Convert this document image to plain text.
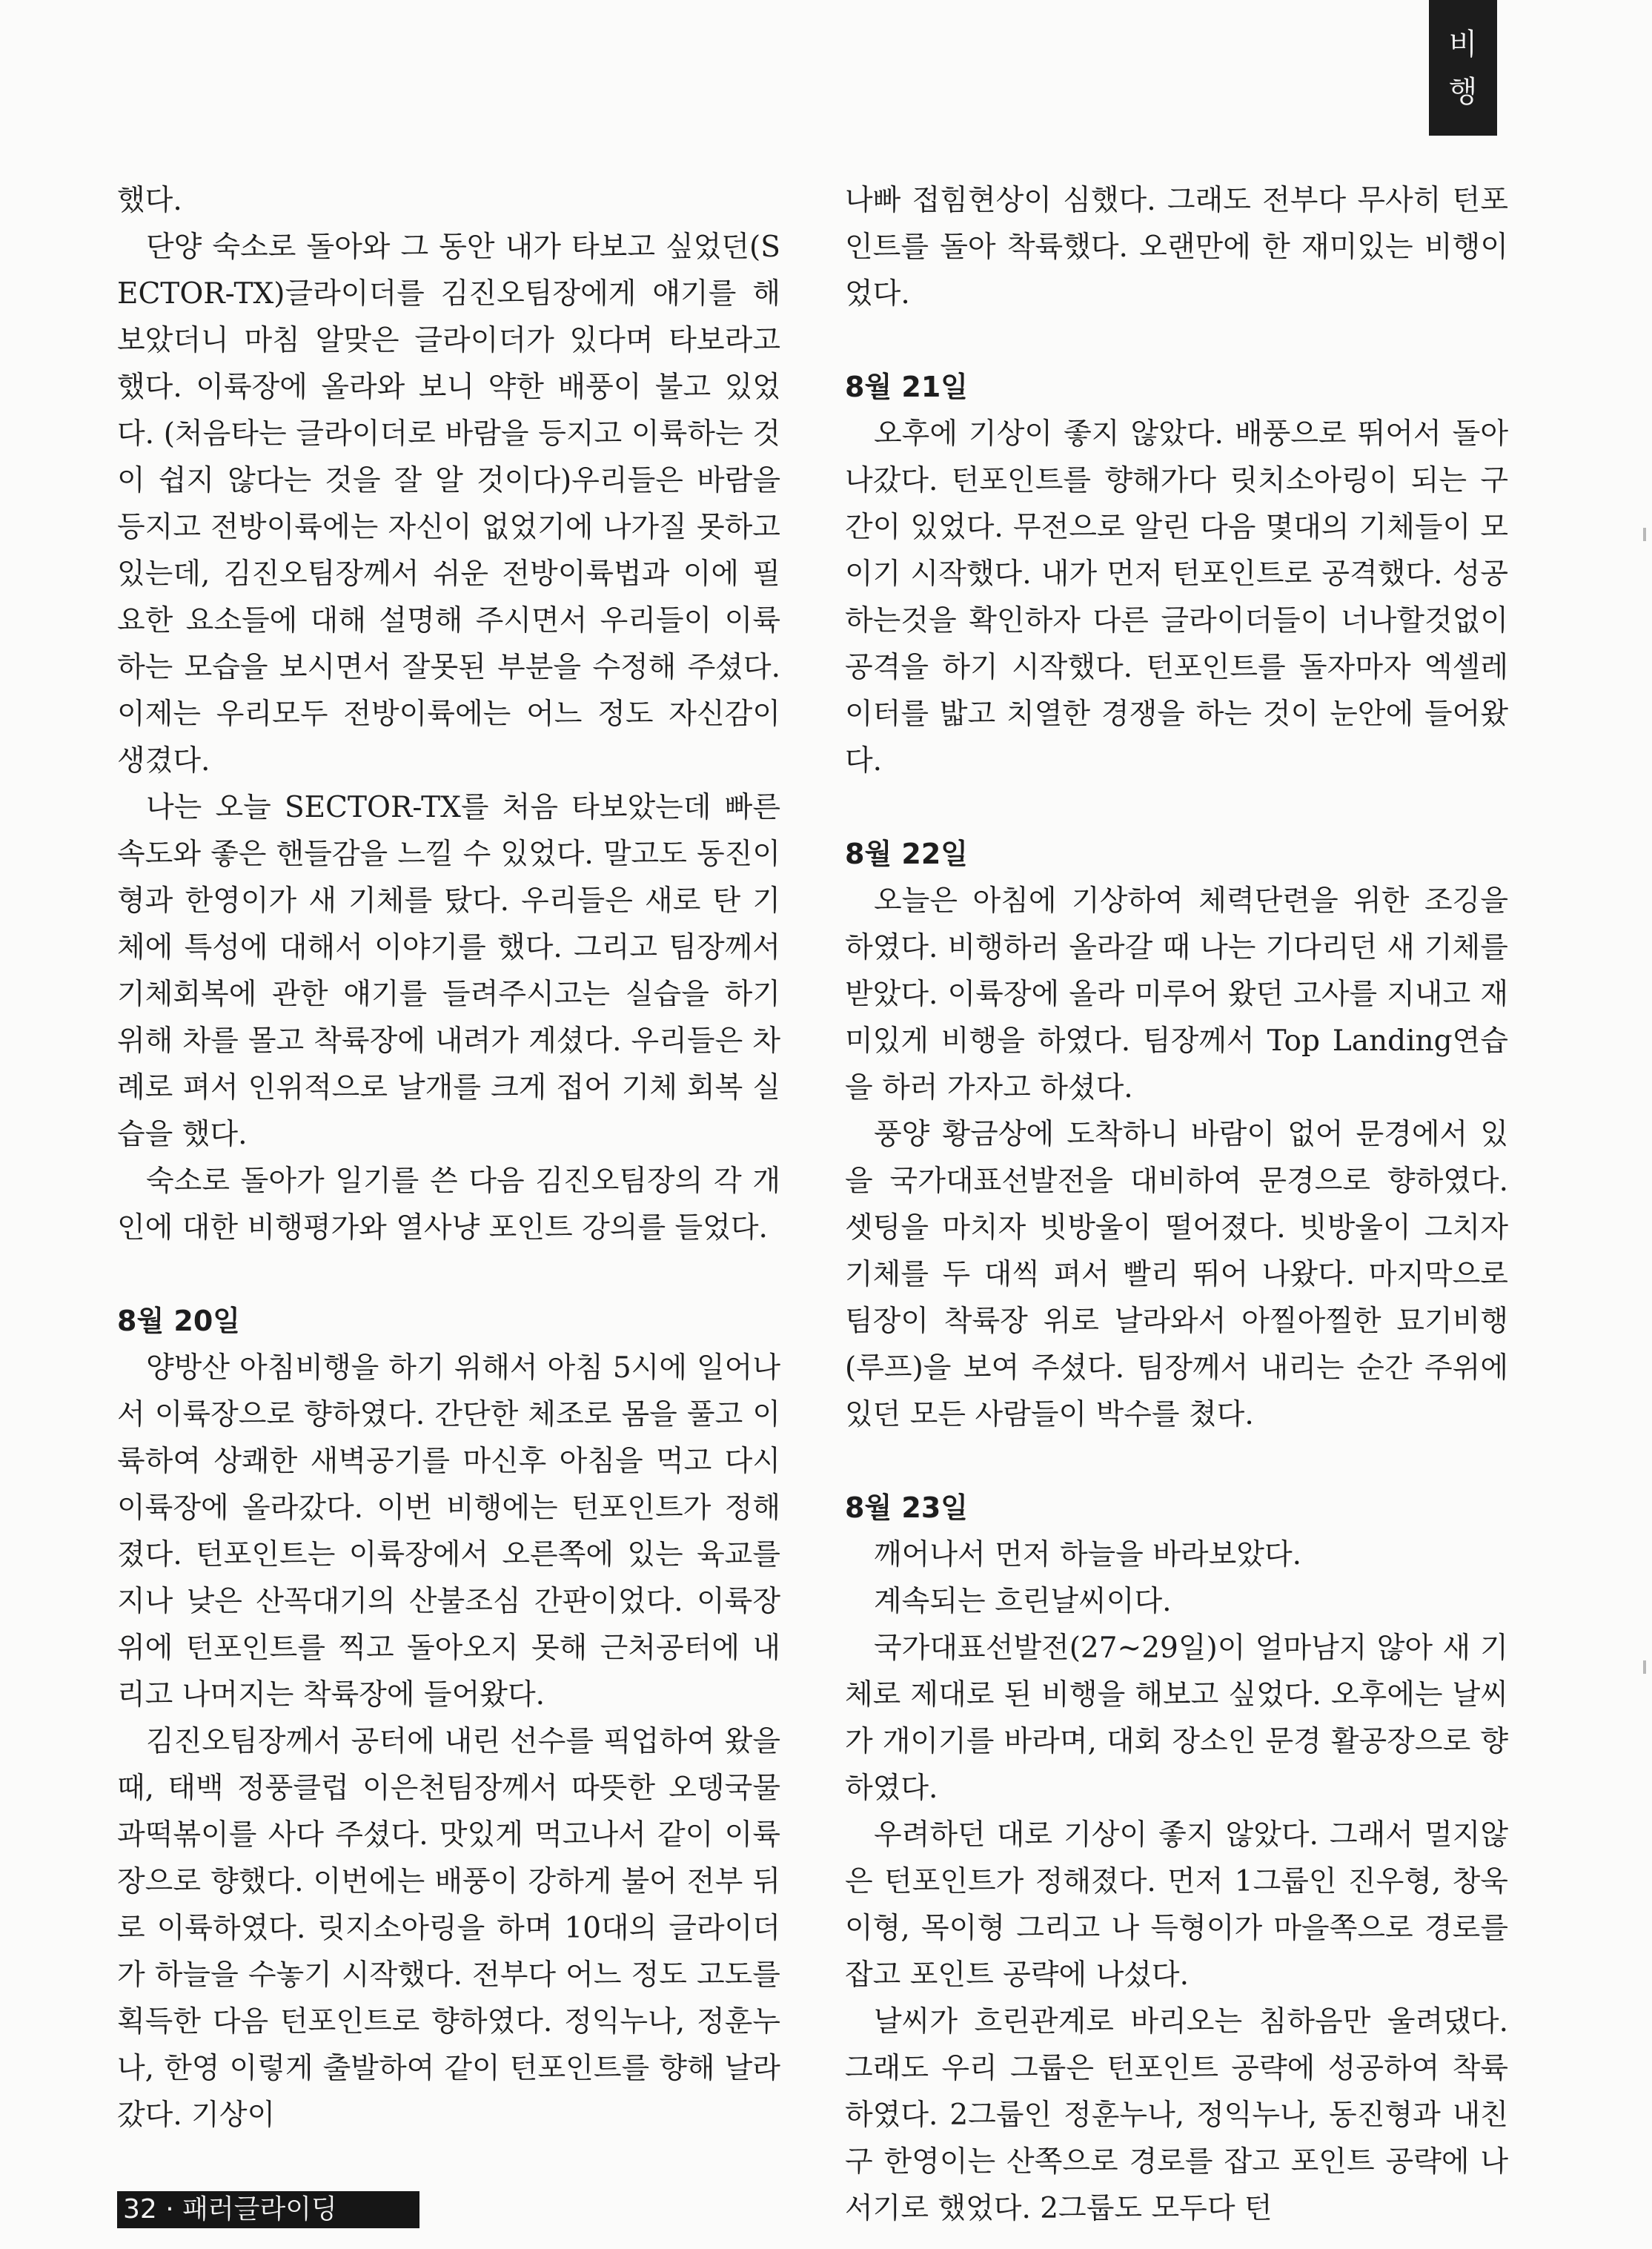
비
행

했다.

단양 숙소로 돌아와 그 동안 내가 타보고 싶었던(SECTOR-TX)글라이더를 김진오팀장에게 얘기를 해보았더니 마침 알맞은 글라이더가 있다며 타보라고 했다. 이륙장에 올라와 보니 약한 배풍이 불고 있었다. (처음타는 글라이더로 바람을 등지고 이륙하는 것이 쉽지 않다는 것을 잘 알 것이다)우리들은 바람을 등지고 전방이륙에는 자신이 없었기에 나가질 못하고 있는데, 김진오팀장께서 쉬운 전방이륙법과 이에 필요한 요소들에 대해 설명해 주시면서 우리들이 이륙하는 모습을 보시면서 잘못된 부분을 수정해 주셨다. 이제는 우리모두 전방이륙에는 어느 정도 자신감이 생겼다.

나는 오늘 SECTOR-TX를 처음 타보았는데 빠른속도와 좋은 핸들감을 느낄 수 있었다. 말고도 동진이형과 한영이가 새 기체를 탔다. 우리들은 새로 탄 기체에 특성에 대해서 이야기를 했다. 그리고 팀장께서 기체회복에 관한 얘기를 들려주시고는 실습을 하기 위해 차를 몰고 착륙장에 내려가 계셨다. 우리들은 차례로 펴서 인위적으로 날개를 크게 접어 기체 회복 실습을 했다.

숙소로 돌아가 일기를 쓴 다음 김진오팀장의 각 개인에 대한 비행평가와 열사냥 포인트 강의를 들었다.

8월 20일

양방산 아침비행을 하기 위해서 아침 5시에 일어나서 이륙장으로 향하였다. 간단한 체조로 몸을 풀고 이륙하여 상쾌한 새벽공기를 마신후 아침을 먹고 다시 이륙장에 올라갔다. 이번 비행에는 턴포인트가 정해졌다. 턴포인트는 이륙장에서 오른쪽에 있는 육교를 지나 낮은 산꼭대기의 산불조심 간판이었다. 이륙장 위에 턴포인트를 찍고 돌아오지 못해 근처공터에 내리고 나머지는 착륙장에 들어왔다.

김진오팀장께서 공터에 내린 선수를 픽업하여 왔을 때, 태백 정풍클럽 이은천팀장께서 따뜻한 오뎅국물과떡볶이를 사다 주셨다. 맛있게 먹고나서 같이 이륙장으로 향했다. 이번에는 배풍이 강하게 불어 전부 뒤로 이륙하였다. 릿지소아링을 하며 10대의 글라이더가 하늘을 수놓기 시작했다. 전부다 어느 정도 고도를 획득한 다음 턴포인트로 향하였다. 정익누나, 정훈누나, 한영 이렇게 출발하여 같이 턴포인트를 향해 날라갔다. 기상이

나빠 접힘현상이 심했다. 그래도 전부다 무사히 턴포인트를 돌아 착륙했다. 오랜만에 한 재미있는 비행이었다.

8월 21일

오후에 기상이 좋지 않았다. 배풍으로 뛰어서 돌아나갔다. 턴포인트를 향해가다 릿치소아링이 되는 구간이 있었다. 무전으로 알린 다음 몇대의 기체들이 모이기 시작했다. 내가 먼저 턴포인트로 공격했다. 성공하는것을 확인하자 다른 글라이더들이 너나할것없이 공격을 하기 시작했다. 턴포인트를 돌자마자 엑셀레이터를 밟고 치열한 경쟁을 하는 것이 눈안에 들어왔다.

8월 22일

오늘은 아침에 기상하여 체력단련을 위한 조깅을 하였다. 비행하러 올라갈 때 나는 기다리던 새 기체를 받았다. 이륙장에 올라 미루어 왔던 고사를 지내고 재미있게 비행을 하였다. 팀장께서 Top Landing연습을 하러 가자고 하셨다.

풍양 황금상에 도착하니 바람이 없어 문경에서 있을 국가대표선발전을 대비하여 문경으로 향하였다. 셋팅을 마치자 빗방울이 떨어졌다. 빗방울이 그치자 기체를 두 대씩 펴서 빨리 뛰어 나왔다. 마지막으로 팀장이 착륙장 위로 날라와서 아찔아찔한 묘기비행(루프)을 보여 주셨다. 팀장께서 내리는 순간 주위에 있던 모든 사람들이 박수를 쳤다.

8월 23일

깨어나서 먼저 하늘을 바라보았다.

계속되는 흐린날씨이다.

국가대표선발전(27~29일)이 얼마남지 않아 새 기체로 제대로 된 비행을 해보고 싶었다. 오후에는 날씨가 개이기를 바라며, 대회 장소인 문경 활공장으로 향하였다.

우려하던 대로 기상이 좋지 않았다. 그래서 멀지않은 턴포인트가 정해졌다. 먼저 1그룹인 진우형, 창욱이형, 목이형 그리고 나 득형이가 마을쪽으로 경로를 잡고 포인트 공략에 나섰다.

날씨가 흐린관계로 바리오는 침하음만 울려댔다. 그래도 우리 그룹은 턴포인트 공략에 성공하여 착륙하였다. 2그룹인 정훈누나, 정익누나, 동진형과 내친구 한영이는 산쪽으로 경로를 잡고 포인트 공략에 나서기로 했었다. 2그룹도 모두다 턴

32 · 패러글라이딩
